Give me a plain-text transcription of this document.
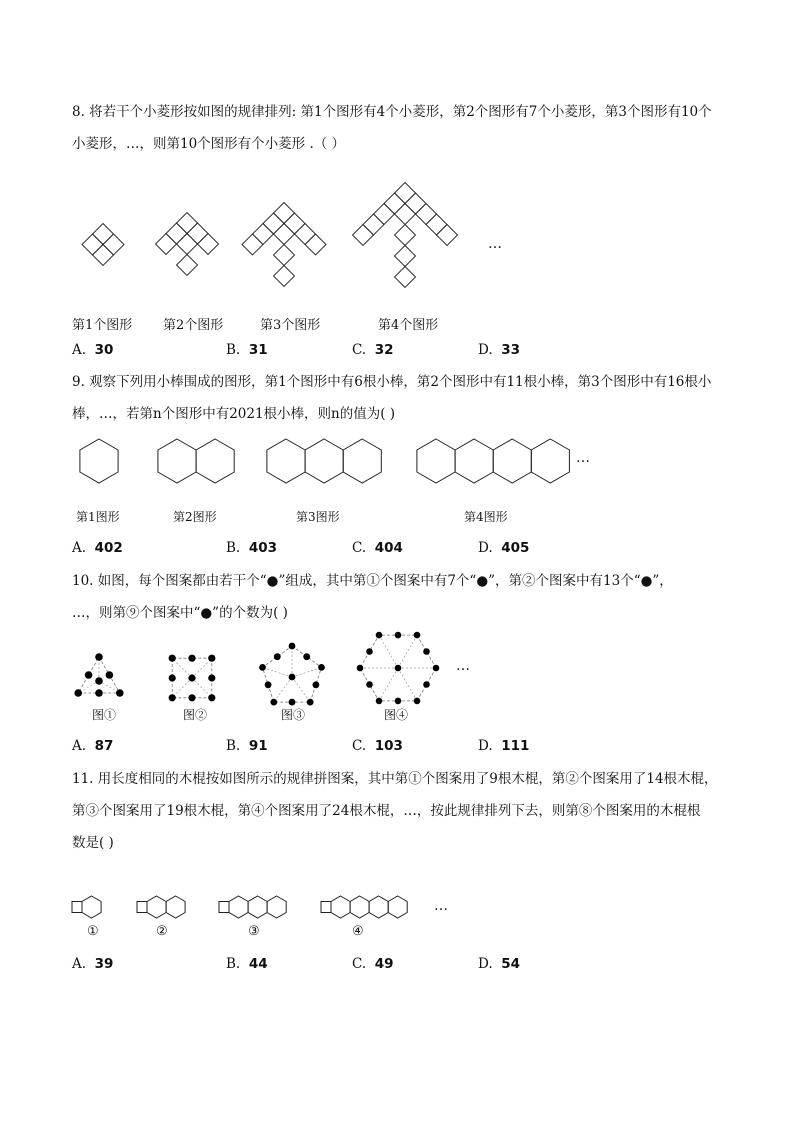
8. 将若干个小菱形按如图的规律排列: 第1个图形有4个小菱形，第2个图形有7个小菱形，第3个图形有10个
小菱形，…，则第10个图形有个小菱形 .（ ）
…
第1个图形 第2个图形	第3个图形	第4个图形
A. 30	B. 31	C. 32	D. 33
9. 观察下列用小棒围成的图形，第1个图形中有6根小棒，第2个图形中有11根小棒，第3个图形中有16根小
棒，…，若第n个图形中有2021根小棒，则n的值为( )
…
第1图形	第2图形	第3图形	第4图形
A. 402	B. 403	C. 404	D. 405
10. 如图，每个图案都由若干个“●”组成，其中第①个图案中有7个“●”，第②个图案中有13个“●”，
…，则第⑨个图案中“●”的个数为( )
…
图①	图②	图③	图④
A. 87	B. 91	C. 103	D. 111
11. 用长度相同的木棍按如图所示的规律拼图案，其中第①个图案用了9根木棍，第②个图案用了14根木棍，
第③个图案用了19根木棍，第④个图案用了24根木棍，…，按此规律排列下去，则第⑧个图案用的木棍根
数是( )
…
①	②	③	④
A. 39	B. 44	C. 49	D. 54
